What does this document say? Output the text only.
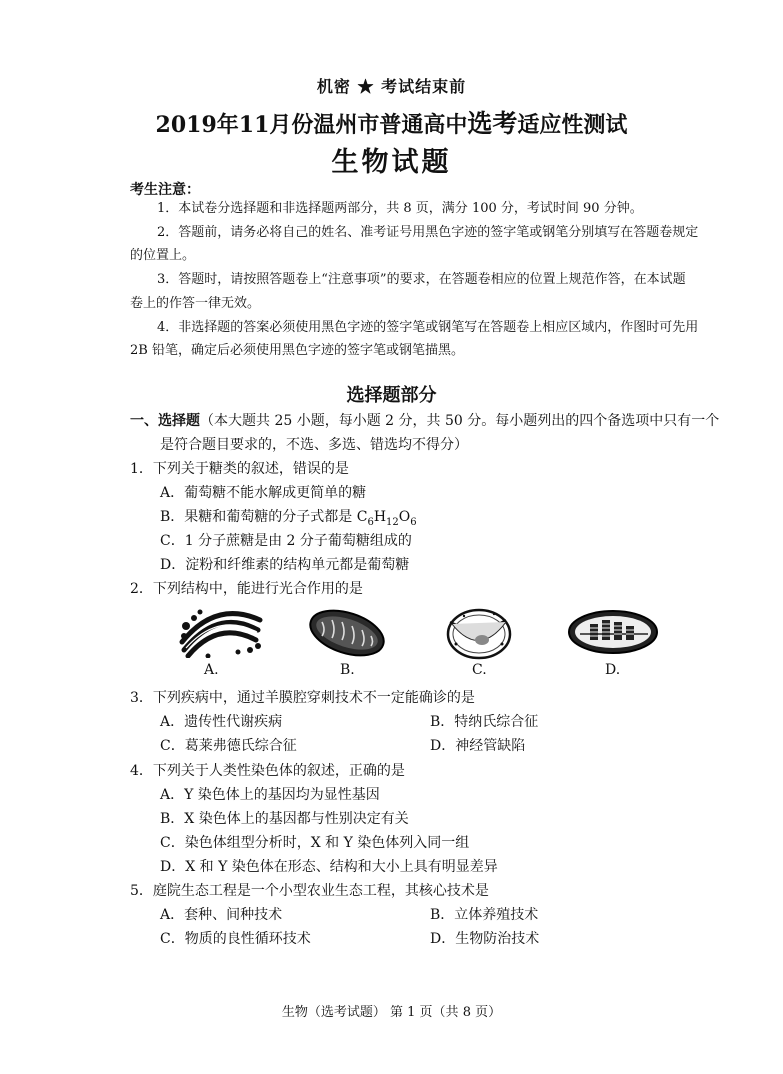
机密 ★ 考试结束前
2019年11月份温州市普通高中选考适应性测试
生物试题
考生注意：
1．本试卷分选择题和非选择题两部分，共 8 页，满分 100 分，考试时间 90 分钟。
2．答题前，请务必将自己的姓名、准考证号用黑色字迹的签字笔或钢笔分别填写在答题卷规定
的位置上。
3．答题时，请按照答题卷上“注意事项”的要求，在答题卷相应的位置上规范作答，在本试题
卷上的作答一律无效。
4．非选择题的答案必须使用黑色字迹的签字笔或钢笔写在答题卷上相应区域内，作图时可先用
2B 铅笔，确定后必须使用黑色字迹的签字笔或钢笔描黑。
选择题部分
一、选择题（本大题共 25 小题，每小题 2 分，共 50 分。每小题列出的四个备选项中只有一个
是符合题目要求的，不选、多选、错选均不得分）
1．下列关于糖类的叙述，错误的是
A．葡萄糖不能水解成更简单的糖
B．果糖和葡萄糖的分子式都是 $C_6H_{12}O_6$
C．1 分子蔗糖是由 2 分子葡萄糖组成的
D．淀粉和纤维素的结构单元都是葡萄糖
2．下列结构中，能进行光合作用的是
A.	B.	C.	D.
3．下列疾病中，通过羊膜腔穿刺技术不一定能确诊的是
A．遗传性代谢疾病	B．特纳氏综合征
C．葛莱弗德氏综合征	D．神经管缺陷
4．下列关于人类性染色体的叙述，正确的是
A．Y 染色体上的基因均为显性基因
B．X 染色体上的基因都与性别决定有关
C．染色体组型分析时，X 和 Y 染色体列入同一组
D．X 和 Y 染色体在形态、结构和大小上具有明显差异
5．庭院生态工程是一个小型农业生态工程，其核心技术是
A．套种、间种技术	B．立体养殖技术
C．物质的良性循环技术	D．生物防治技术
生物（选考试题） 第 1 页（共 8 页）
